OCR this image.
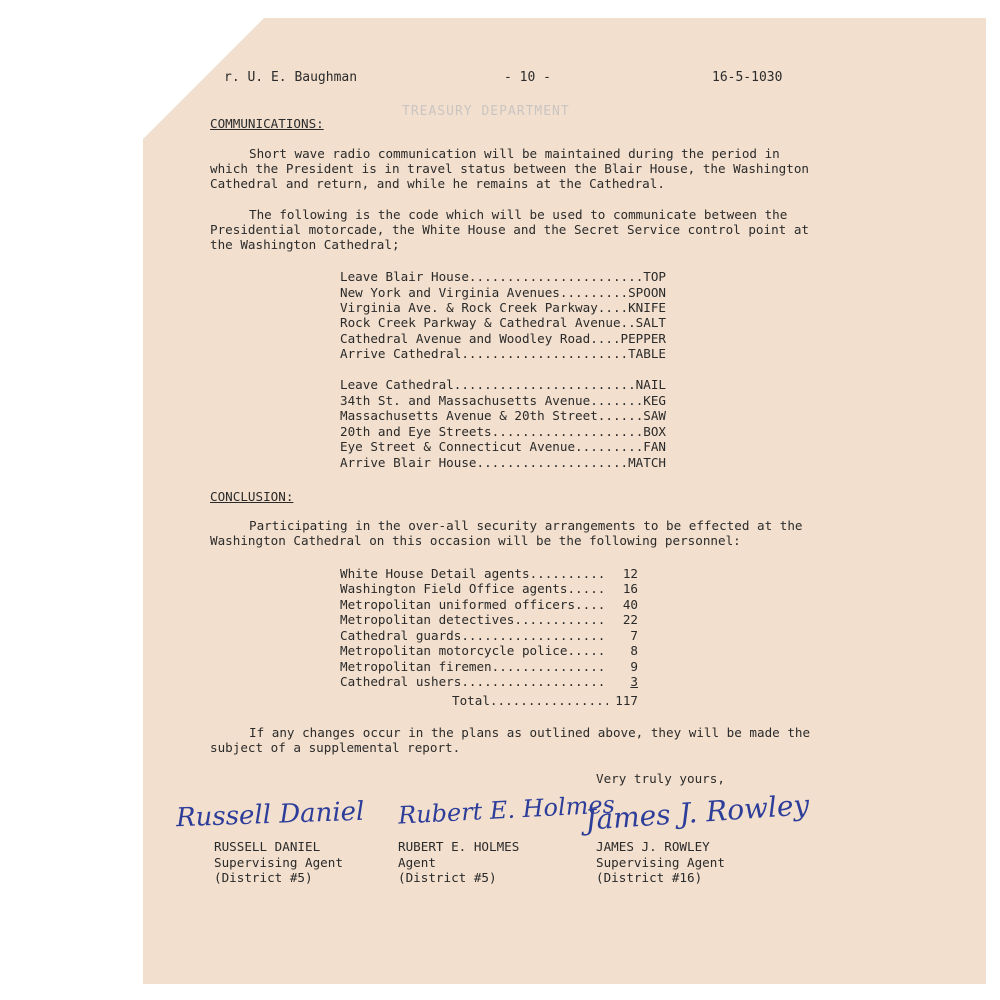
TREASURY DEPARTMENT
r. U. E. Baughman	- 10 -	16-5-1030
COMMUNICATIONS:
Short wave radio communication will be maintained during the period in which the President is in travel status between the Blair House, the Washington Cathedral and return, and while he remains at the Cathedral.
The following is the code which will be used to communicate between the Presidential motorcade, the White House and the Secret Service control point at the Washington Cathedral;
Leave Blair House .....	TOP
New York and Virginia Avenues .....	SPOON
Virginia Ave. & Rock Creek Parkway ..... KNIFE
Rock Creek Parkway & Cathedral Avenue ..... SALT
Cathedral Avenue and Woodley Road ..... PEPPER
Arrive Cathedral .....	TABLE
Leave Cathedral .....	NAIL
34th St. and Massachusetts Avenue .....	KEG
Massachusetts Avenue & 20th Street .....	SAW
20th and Eye Streets .....	BOX
Eye Street & Connecticut Avenue .....	FAN
Arrive Blair House .....	MATCH
CONCLUSION:
Participating in the over-all security arrangements to be effected at the Washington Cathedral on this occasion will be the following personnel:
White House Detail agents .....	12
Washington Field Office agents .....	16
Metropolitan uniformed officers .....	40
Metropolitan detectives .....	22
Cathedral guards .....	7
Metropolitan motorcycle police .....	8
Metropolitan firemen .....	9
Cathedral ushers .....	3
Total .....	117
If any changes occur in the plans as outlined above, they will be made the subject of a supplemental report.
Very truly yours,
Russell Daniel Rubert E. Holmes
James J. Rowley
RUSSELL DANIEL
Supervising Agent
(District #5)
RUBERT E. HOLMES
Agent
(District #5)
JAMES J. ROWLEY
Supervising Agent
(District #16)
